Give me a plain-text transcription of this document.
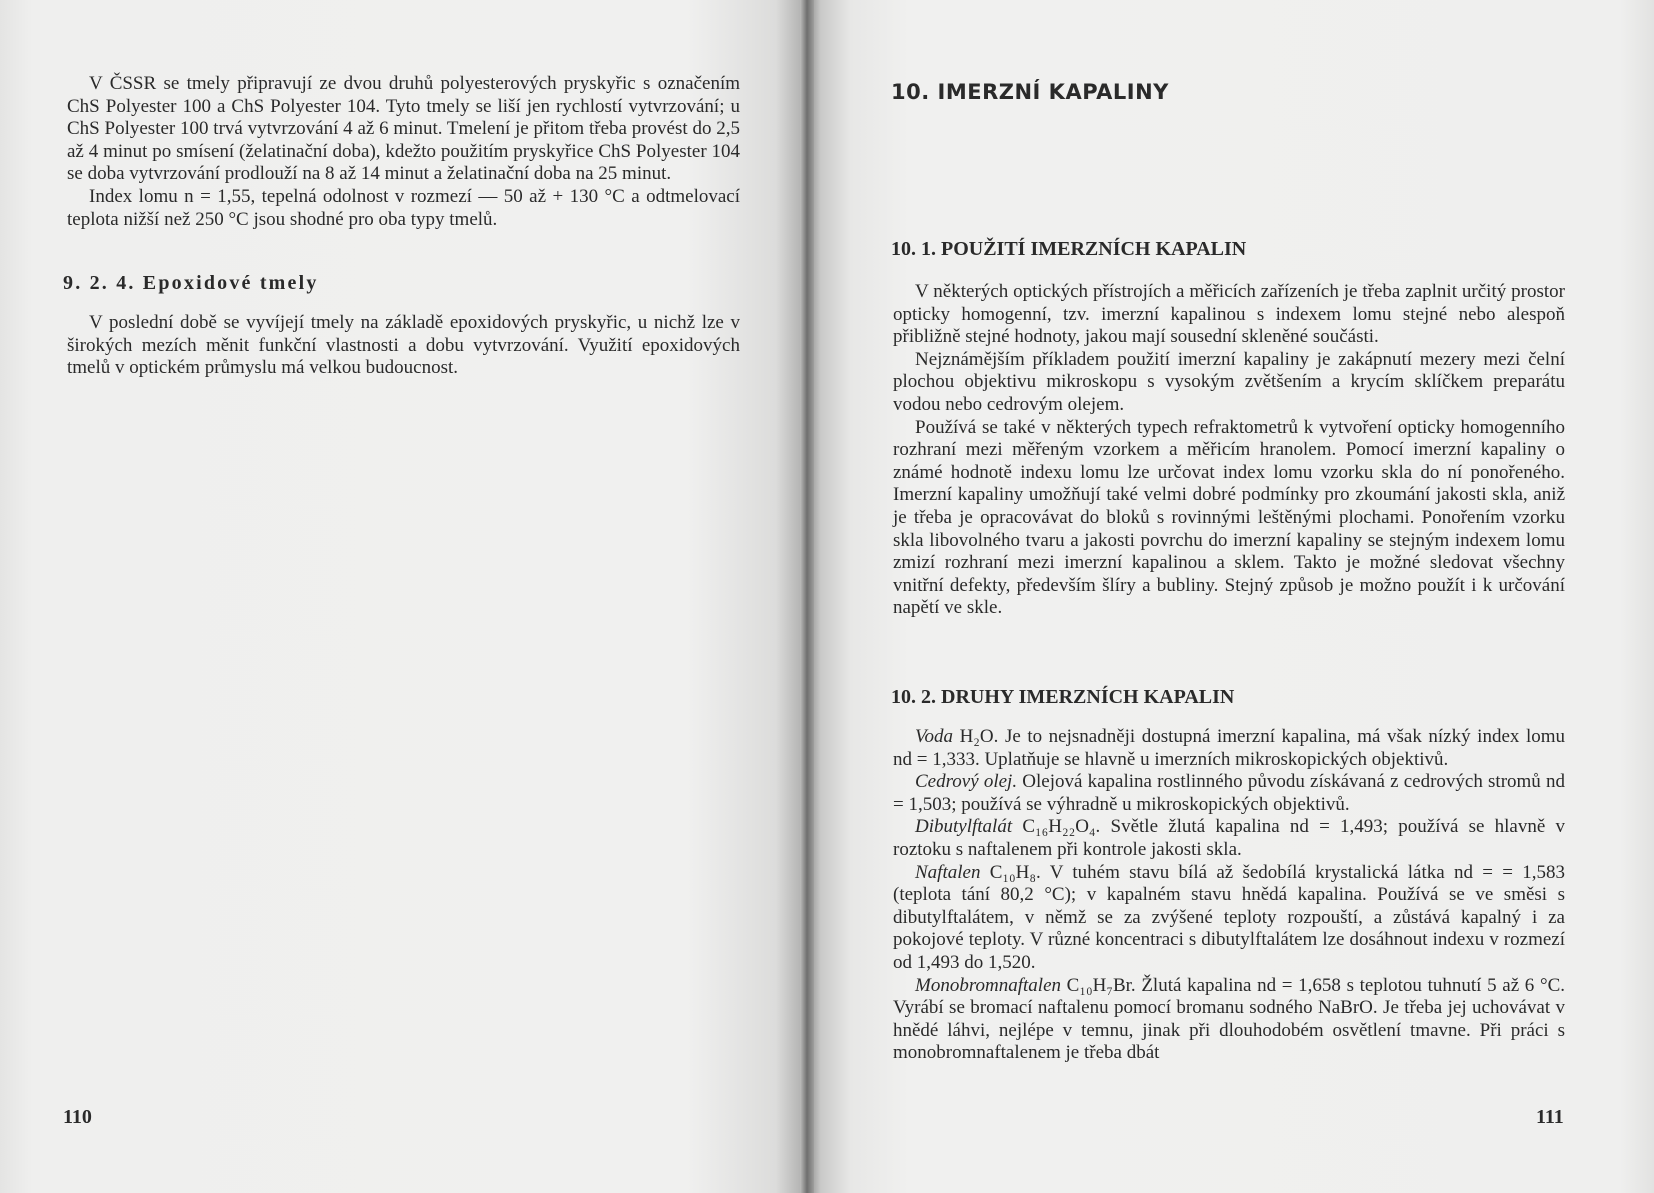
V ČSSR se tmely připravují ze dvou druhů polyesterových pryskyřic s označením ChS Polyester 100 a ChS Polyester 104. Tyto tmely se liší jen rychlostí vytvrzování; u ChS Polyester 100 trvá vytvrzování 4 až 6 minut. Tmelení je přitom třeba provést do 2,5 až 4 minut po smísení (želatinační doba), kdežto použitím pryskyřice ChS Polyester 104 se doba vytvrzování prodlouží na 8 až 14 minut a želatinační doba na 25 minut.

Index lomu n = 1,55, tepelná odolnost v rozmezí — 50 až + 130 °C a odtmelovací teplota nižší než 250 °C jsou shodné pro oba typy tmelů.

9. 2. 4. Epoxidové tmely

V poslední době se vyvíjejí tmely na základě epoxidových pryskyřic, u nichž lze v širokých mezích měnit funkční vlastnosti a dobu vytvrzování. Využití epoxidových tmelů v optickém průmyslu má velkou budoucnost.

110
10. IMERZNÍ KAPALINY
10. 1. POUŽITÍ IMERZNÍCH KAPALIN

V některých optických přístrojích a měřicích zařízeních je třeba zaplnit určitý prostor opticky homogenní, tzv. imerzní kapalinou s indexem lomu stejné nebo alespoň přibližně stejné hodnoty, jakou mají sousední skleněné součásti.

Nejznámějším příkladem použití imerzní kapaliny je zakápnutí mezery mezi čelní plochou objektivu mikroskopu s vysokým zvětšením a krycím sklíčkem preparátu vodou nebo cedrovým olejem.

Používá se také v některých typech refraktometrů k vytvoření opticky homogenního rozhraní mezi měřeným vzorkem a měřicím hranolem. Pomocí imerzní kapaliny o známé hodnotě indexu lomu lze určovat index lomu vzorku skla do ní ponořeného. Imerzní kapaliny umožňují také velmi dobré podmínky pro zkoumání jakosti skla, aniž je třeba je opracovávat do bloků s rovinnými leštěnými plochami. Ponořením vzorku skla libovolného tvaru a jakosti povrchu do imerzní kapaliny se stejným indexem lomu zmizí rozhraní mezi imerzní kapalinou a sklem. Takto je možné sledovat všechny vnitřní defekty, především šlíry a bubliny. Stejný způsob je možno použít i k určování napětí ve skle.

10. 2. DRUHY IMERZNÍCH KAPALIN

Voda H₂O. Je to nejsnadněji dostupná imerzní kapalina, má však nízký index lomu nd = 1,333. Uplatňuje se hlavně u imerzních mikroskopických objektivů.

Cedrový olej. Olejová kapalina rostlinného původu získávaná z cedrových stromů nd = 1,503; používá se výhradně u mikroskopických objektivů.

Dibutylftalát C₁₆H₂₂O₄. Světle žlutá kapalina nd = 1,493; používá se hlavně v roztoku s naftalenem při kontrole jakosti skla.

Naftalen C₁₀H₈. V tuhém stavu bílá až šedobílá krystalická látka nd = = 1,583 (teplota tání 80,2 °C); v kapalném stavu hnědá kapalina. Používá se ve směsi s dibutylftalátem, v němž se za zvýšené teploty rozpouští, a zůstává kapalný i za pokojové teploty. V různé koncentraci s dibutylftalátem lze dosáhnout indexu v rozmezí od 1,493 do 1,520.

Monobromnaftalen C₁₀H₇Br. Žlutá kapalina nd = 1,658 s teplotou tuhnutí 5 až 6 °C. Vyrábí se bromací naftalenu pomocí bromanu sodného NaBrO. Je třeba jej uchovávat v hnědé láhvi, nejlépe v temnu, jinak při dlouhodobém osvětlení tmavne. Při práci s monobromnaftalenem je třeba dbát

111
